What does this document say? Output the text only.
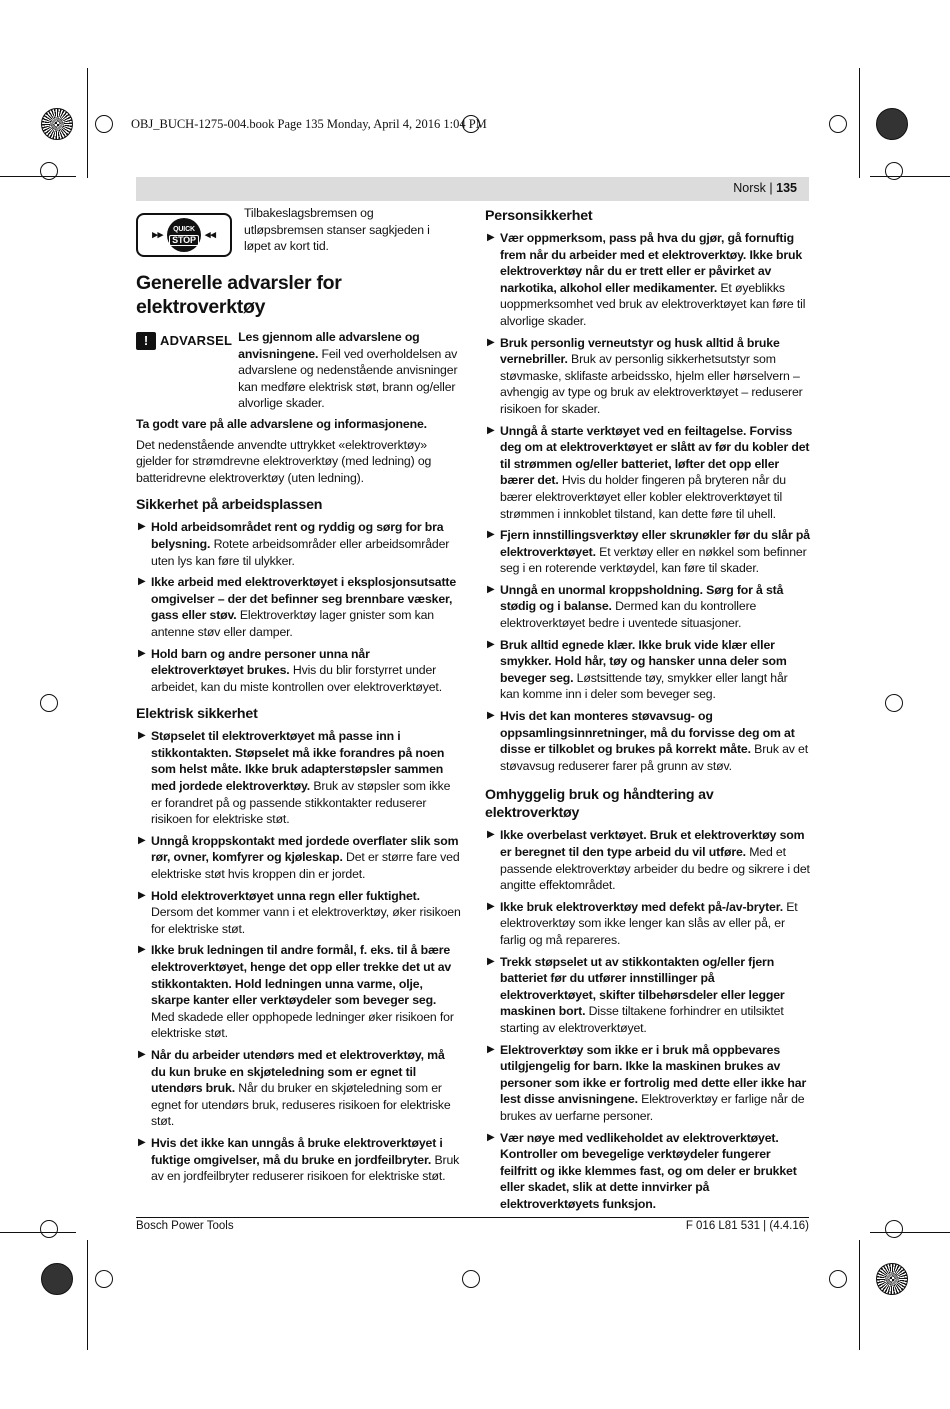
OBJ_BUCH-1275-004.book Page 135 Monday, April 4, 2016 1:04 PM
Norsk | 135
▸▸ QUICK
STOP ◂◂
Tilbakeslagsbremsen og utløpsbremsen stanser sagkjeden i løpet av kort tid.
Generelle advarsler for elektroverktøy
! ADVARSEL Les gjennom alle advarslene og anvisningene. Feil ved overholdelsen av advarslene og nedenstående anvisninger kan medføre elektrisk støt, brann og/eller alvorlige skader.

Ta godt vare på alle advarslene og informasjonene.

Det nedenstående anvendte uttrykket «elektroverktøy» gjelder for strømdrevne elektroverktøy (med ledning) og batteridrevne elektroverktøy (uten ledning).

Sikkerhet på arbeidsplassen
▶ Hold arbeidsområdet rent og ryddig og sørg for bra belysning. Rotete arbeidsområder eller arbeidsområder uten lys kan føre til ulykker.
▶ Ikke arbeid med elektroverktøyet i eksplosjonsutsatte omgivelser – der det befinner seg brennbare væsker, gass eller støv. Elektroverktøy lager gnister som kan antenne støv eller damper.
▶ Hold barn og andre personer unna når elektroverktøyet brukes. Hvis du blir forstyrret under arbeidet, kan du miste kontrollen over elektroverktøyet.
Elektrisk sikkerhet
▶ Støpselet til elektroverktøyet må passe inn i stikkontakten. Støpselet må ikke forandres på noen som helst måte. Ikke bruk adapterstøpsler sammen med jordede elektroverktøy. Bruk av støpsler som ikke er forandret på og passende stikkontakter reduserer risikoen for elektriske støt.
▶ Unngå kroppskontakt med jordede overflater slik som rør, ovner, komfyrer og kjøleskap. Det er større fare ved elektriske støt hvis kroppen din er jordet.
▶ Hold elektroverktøyet unna regn eller fuktighet. Dersom det kommer vann i et elektroverktøy, øker risikoen for elektriske støt.
▶ Ikke bruk ledningen til andre formål, f. eks. til å bære elektroverktøyet, henge det opp eller trekke det ut av stikkontakten. Hold ledningen unna varme, olje, skarpe kanter eller verktøydeler som beveger seg. Med skadede eller opphopede ledninger øker risikoen for elektriske støt.
▶ Når du arbeider utendørs med et elektroverktøy, må du kun bruke en skjøteledning som er egnet til utendørs bruk. Når du bruker en skjøteledning som er egnet for utendørs bruk, reduseres risikoen for elektriske støt.
▶ Hvis det ikke kan unngås å bruke elektroverktøyet i fuktige omgivelser, må du bruke en jordfeilbryter. Bruk av en jordfeilbryter reduserer risikoen for elektriske støt.
Personsikkerhet
▶ Vær oppmerksom, pass på hva du gjør, gå fornuftig frem når du arbeider med et elektroverktøy. Ikke bruk elektroverktøy når du er trett eller er påvirket av narkotika, alkohol eller medikamenter. Et øyeblikks uoppmerksomhet ved bruk av elektroverktøyet kan føre til alvorlige skader.
▶ Bruk personlig verneutstyr og husk alltid å bruke vernebriller. Bruk av personlig sikkerhetsutstyr som støvmaske, sklifaste arbeidssko, hjelm eller hørselvern – avhengig av type og bruk av elektroverktøyet – reduserer risikoen for skader.
▶ Unngå å starte verktøyet ved en feiltagelse. Forviss deg om at elektroverktøyet er slått av før du kobler det til strømmen og/eller batteriet, løfter det opp eller bærer det. Hvis du holder fingeren på bryteren når du bærer elektroverktøyet eller kobler elektroverktøyet til strømmen i innkoblet tilstand, kan dette føre til uhell.
▶ Fjern innstillingsverktøy eller skrunøkler før du slår på elektroverktøyet. Et verktøy eller en nøkkel som befinner seg i en roterende verktøydel, kan føre til skader.
▶ Unngå en unormal kroppsholdning. Sørg for å stå stødig og i balanse. Dermed kan du kontrollere elektroverktøyet bedre i uventede situasjoner.
▶ Bruk alltid egnede klær. Ikke bruk vide klær eller smykker. Hold hår, tøy og hansker unna deler som beveger seg. Løstsittende tøy, smykker eller langt hår kan komme inn i deler som beveger seg.
▶ Hvis det kan monteres støvavsug- og oppsamlingsinnretninger, må du forvisse deg om at disse er tilkoblet og brukes på korrekt måte. Bruk av et støvavsug reduserer farer på grunn av støv.
Omhyggelig bruk og håndtering av elektroverktøy
▶ Ikke overbelast verktøyet. Bruk et elektroverktøy som er beregnet til den type arbeid du vil utføre. Med et passende elektroverktøy arbeider du bedre og sikrere i det angitte effektområdet.
▶ Ikke bruk elektroverktøy med defekt på-/av-bryter. Et elektroverktøy som ikke lenger kan slås av eller på, er farlig og må repareres.
▶ Trekk støpselet ut av stikkontakten og/eller fjern batteriet før du utfører innstillinger på elektroverktøyet, skifter tilbehørsdeler eller legger maskinen bort. Disse tiltakene forhindrer en utilsiktet starting av elektroverktøyet.
▶ Elektroverktøy som ikke er i bruk må oppbevares utilgjengelig for barn. Ikke la maskinen brukes av personer som ikke er fortrolig med dette eller ikke har lest disse anvisningene. Elektroverktøy er farlige når de brukes av uerfarne personer.
▶ Vær nøye med vedlikeholdet av elektroverktøyet. Kontroller om bevegelige verktøydeler fungerer feilfritt og ikke klemmes fast, og om deler er brukket eller skadet, slik at dette innvirker på elektroverktøyets funksjon.
Bosch Power Tools	F 016 L81 531 | (4.4.16)
